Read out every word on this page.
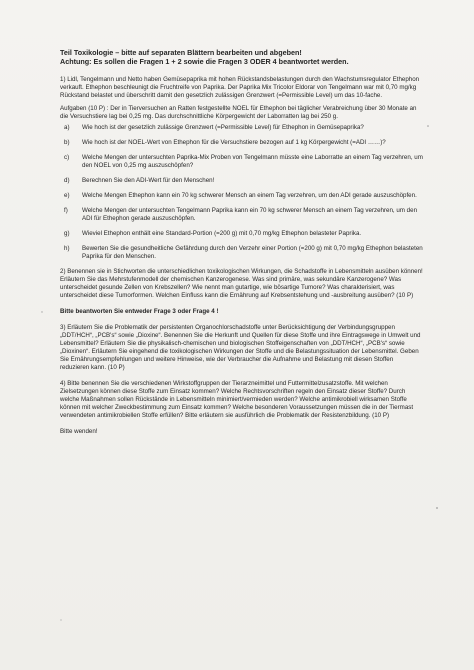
Teil Toxikologie – bitte auf separaten Blättern bearbeiten und abgeben!
Achtung: Es sollen die Fragen 1 + 2 sowie die Fragen 3 ODER 4 beantwortet werden.

1) Lidl, Tengelmann und Netto haben Gemüsepaprika mit hohen Rückstandsbelastungen durch den Wachstumsregulator Ethephon verkauft. Ethephon beschleunigt die Fruchtreife von Paprika. Der Paprika Mix Tricolor Eldorar von Tengelmann war mit 0,70 mg/kg Rückstand belastet und überschritt damit den gesetzlich zulässigen Grenzwert (=Permissible Level) um das 10-fache.

Aufgaben (10 P) : Der in Tierversuchen an Ratten festgestellte NOEL für Ethephon bei täglicher Verabreichung über 30 Monate an die Versuchstiere lag bei 0,25 mg. Das durchschnittliche Körpergewicht der Laborratten lag bei 250 g.

a)	Wie hoch ist der gesetzlich zulässige Grenzwert (=Permissible Level) für Ethephon in Gemüsepaprika?
b)	Wie hoch ist der NOEL-Wert von Ethephon für die Versuchstiere bezogen auf 1 kg Körpergewicht (=ADI ……)?
c)	Welche Mengen der untersuchten Paprika-Mix Proben von Tengelmann müsste eine Laborratte an einem Tag verzehren, um den NOEL von 0,25 mg auszuschöpfen?
d)	Berechnen Sie den ADI-Wert für den Menschen!
e)	Welche Mengen Ethephon kann ein 70 kg schwerer Mensch an einem Tag verzehren, um den ADI gerade auszuschöpfen.
f)	Welche Mengen der untersuchten Tengelmann Paprika kann ein 70 kg schwerer Mensch an einem Tag verzehren, um den ADI für Ethephon gerade auszuschöpfen.
g)	Wieviel Ethephon enthält eine Standard-Portion (=200 g) mit 0,70 mg/kg Ethephon belasteter Paprika.
h)	Bewerten Sie die gesundheitliche Gefährdung durch den Verzehr einer Portion (=200 g) mit 0,70 mg/kg Ethephon belasteten Paprika für den Menschen.

2) Benennen sie in Stichworten die unterschiedlichen toxikologischen Wirkungen, die Schadstoffe in Lebensmitteln ausüben können! Erläutern Sie das Mehrstufenmodell der chemischen Kanzerogenese. Was sind primäre, was sekundäre Kanzerogene? Was unterscheidet gesunde Zellen von Krebszellen? Wie nennt man gutartige, wie bösartige Tumore? Was charakterisiert, was unterscheidet diese Tumorformen. Welchen Einfluss kann die Ernährung auf Krebsentstehung und -ausbreitung ausüben? (10 P)

Bitte beantworten Sie entweder Frage 3 oder Frage 4 !

3) Erläutern Sie die Problematik der persistenten Organochlorschadstoffe unter Berücksichtigung der Verbindungsgruppen „DDT/HCH“, „PCB's“ sowie „Dioxine“. Benennen Sie die Herkunft und Quellen für diese Stoffe und ihre Eintragswege in Umwelt und Lebensmittel? Erläutern Sie die physikalisch-chemischen und biologischen Stoffeigenschaften von „DDT/HCH“, „PCB's“ sowie „Dioxinen“. Erläutern Sie eingehend die toxikologischen Wirkungen der Stoffe und die Belastungssituation der Lebensmittel. Geben Sie Ernährungsempfehlungen und weitere Hinweise, wie der Verbraucher die Aufnahme und Belastung mit diesen Stoffen reduzieren kann. (10 P)

4) Bitte benennen Sie die verschiedenen Wirkstoffgruppen der Tierarzneimittel und Futtermittelzusatzstoffe. Mit welchen Zielsetzungen können diese Stoffe zum Einsatz kommen? Welche Rechtsvorschriften regeln den Einsatz dieser Stoffe? Durch welche Maßnahmen sollen Rückstände in Lebensmitteln minimiert/vermieden werden? Welche antimikrobiell wirksamen Stoffe können mit welcher Zweckbestimmung zum Einsatz kommen? Welche besonderen Voraussetzungen müssen die in der Tiermast verwendeten antimikrobiellen Stoffe erfüllen? Bitte erläutern sie ausführlich die Problematik der Resistenzbildung. (10 P)

Bitte wenden!
